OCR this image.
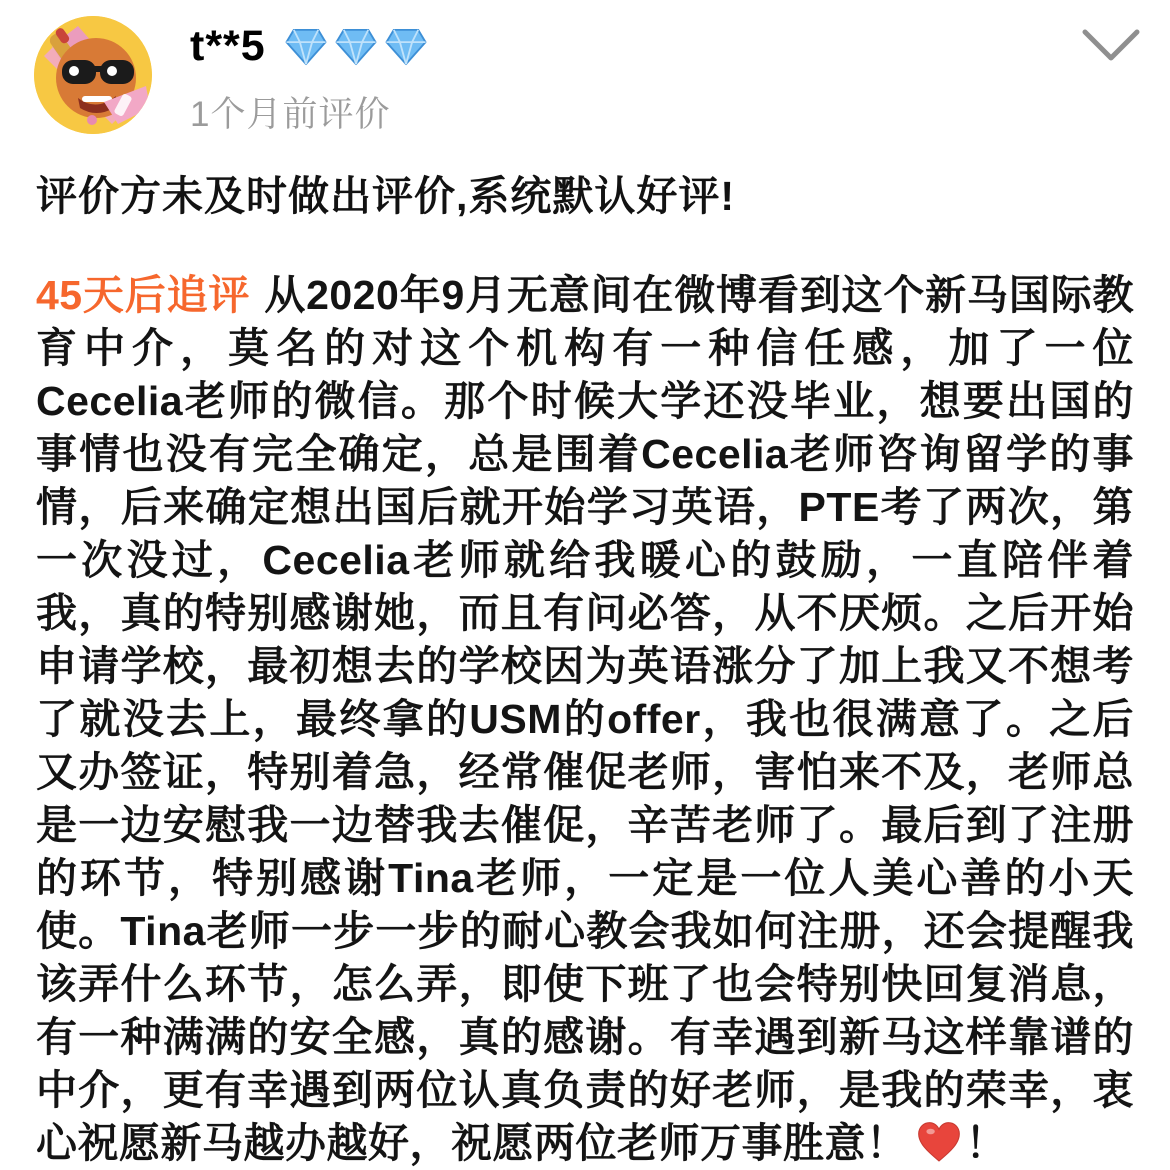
t**5
1个月前评价
评价方未及时做出评价,系统默认好评!

45天后追评 从2020年9月无意间在微博看到这个新马国际教育中介，莫名的对这个机构有一种信任感，加了一位Cecelia老师的微信。那个时候大学还没毕业，想要出国的事情也没有完全确定，总是围着Cecelia老师咨询留学的事情，后来确定想出国后就开始学习英语，PTE考了两次，第一次没过，Cecelia老师就给我暖心的鼓励，一直陪伴着我，真的特别感谢她，而且有问必答，从不厌烦。之后开始申请学校，最初想去的学校因为英语涨分了加上我又不想考了就没去上，最终拿的USM的offer，我也很满意了。之后又办签证，特别着急，经常催促老师，害怕来不及，老师总是一边安慰我一边替我去催促，辛苦老师了。最后到了注册的环节，特别感谢Tina老师，一定是一位人美心善的小天使。Tina老师一步一步的耐心教会我如何注册，还会提醒我该弄什么环节，怎么弄，即使下班了也会特别快回复消息，有一种满满的安全感，真的感谢。有幸遇到新马这样靠谱的中介，更有幸遇到两位认真负责的好老师，是我的荣幸，衷心祝愿新马越办越好，祝愿两位老师万事胜意！ ！
